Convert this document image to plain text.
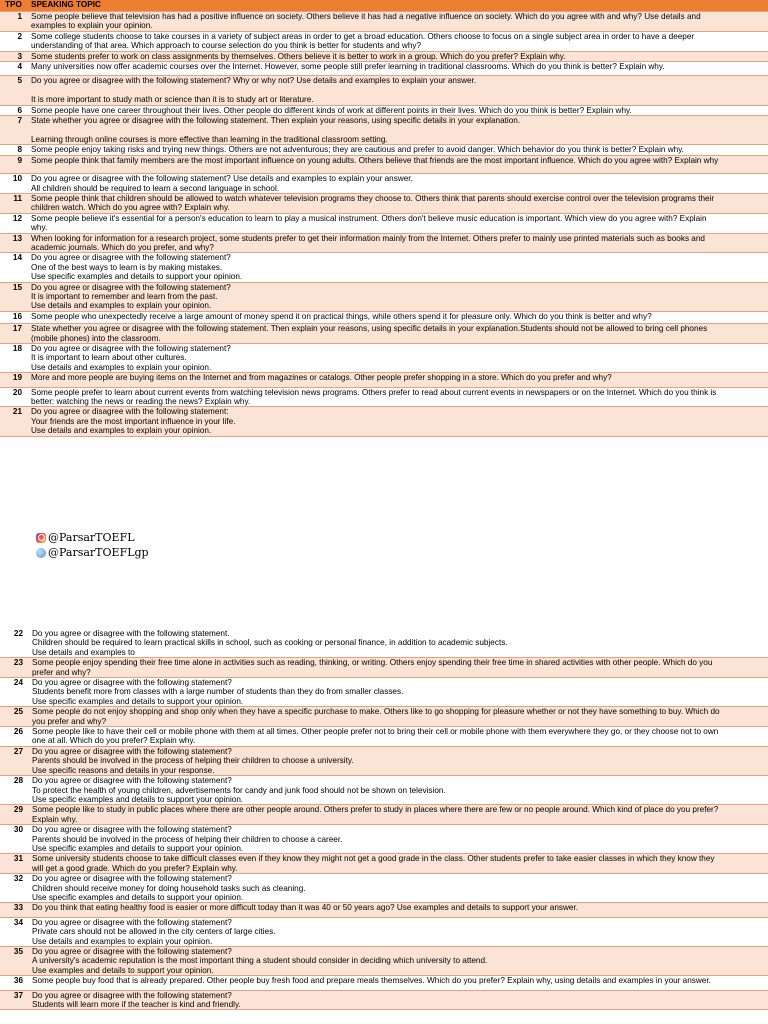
TPO	SPEAKING TOPIC
1	Some people believe that television has had a positive influence on society. Others believe it has had a negative influence on society. Which do you agree with and why? Use details and
examples to explain your opinion.

2	Some college students choose to take courses in a variety of subject areas in order to get a broad education. Others choose to focus on a single subject area in order to have a deeper
understanding of that area. Which approach to course selection do you think is better for students and why?

3	Some students prefer to work on class assignments by themselves. Others believe it is better to work in a group. Which do you prefer? Explain why.

4	Many universities now offer academic courses over the Internet. However, some people still prefer learning in traditional classrooms. Which do you think is better? Explain why.

5	Do you agree or disagree with the following statement? Why or why not? Use details and examples to explain your answer.

It is more important to study math or science than it is to study art or literature.

6	Some people have one career throughout their lives. Other people do different kinds of work at different points in their lives. Which do you think is better? Explain why.

7	State whether you agree or disagree with the following statement. Then explain your reasons, using specific details in your explanation.

Learning through online courses is more effective than learning in the traditional classroom setting.

8	Some people enjoy taking risks and trying new things. Others are not adventurous; they are cautious and prefer to avoid danger. Which behavior do you think is better? Explain why.

9	Some people think that family members are the most important influence on young adults. Others believe that friends are the most important influence. Which do you agree with? Explain why

10	Do you agree or disagree with the following statement? Use details and examples to explain your answer.
All children should be required to learn a second language in school.

11	Some people think that children should be allowed to watch whatever television programs they choose to. Others think that parents should exercise control over the television programs their
children watch. Which do you agree with? Explain why.

12	Some people believe it's essential for a person's education to learn to play a musical instrument. Others don't believe music education is important. Which view do you agree with? Explain
why.

13	When looking for information for a research project, some students prefer to get their information mainly from the Internet. Others prefer to mainly use printed materials such as books and
academic journals. Which do you prefer, and why?

14	Do you agree or disagree with the following statement?
One of the best ways to learn is by making mistakes.
Use specific examples and details to support your opinion.

15	Do you agree or disagree with the following statement?
It is important to remember and learn from the past.
Use details and examples to explain your opinion.

16	Some people who unexpectedly receive a large amount of money spend it on practical things, while others spend it for pleasure only. Which do you think is better and why?

17	State whether you agree or disagree with the following statement. Then explain your reasons, using specific details in your explanation.Students should not be allowed to bring cell phones
(mobile phones) into the classroom.

18	Do you agree or disagree with the following statement?
It is important to learn about other cultures.
Use details and examples to explain your opinion.

19	More and more people are buying items on the Internet and from magazines or catalogs. Other people prefer shopping in a store. Which do you prefer and why?

20	Some people prefer to learn about current events from watching television news programs. Others prefer to read about current events in newspapers or on the Internet. Which do you think is
better: watching the news or reading the news? Explain why.

21	Do you agree or disagree with the following statement:
Your friends are the most important influence in your life.
Use details and examples to explain your opinion.
@ParsarTOEFL
@ParsarTOEFLgp
22	Do you agree or disagree with the following statement.
Children should be required to learn practical skills in school, such as cooking or personal finance, in addition to academic subjects.
Use details and examples to

23	Some people enjoy spending their free time alone in activities such as reading, thinking, or writing. Others enjoy spending their free time in shared activities with other people. Which do you
prefer and why?

24	Do you agree or disagree with the following statement?
Students benefit more from classes with a large number of students than they do from smaller classes.
Use specific examples and details to support your opinion.

25	Some people do not enjoy shopping and shop only when they have a specific purchase to make. Others like to go shopping for pleasure whether or not they have something to buy. Which do
you prefer and why?

26	Some people like to have their cell or mobile phone with them at all times. Other people prefer not to bring their cell or mobile phone with them everywhere they go, or they choose not to own
one at all. Which do you prefer? Explain why.

27	Do you agree or disagree with the following statement?
Parents should be involved in the process of helping their children to choose a university.
Use specific reasons and details in your response.

28	Do you agree or disagree with the following statement?
To protect the health of young children, advertisements for candy and junk food should not be shown on television.
Use specific examples and details to support your opinion.

29	Some people like to study in public places where there are other people around. Others prefer to study in places where there are few or no people around. Which kind of place do you prefer?
Explain why.

30	Do you agree or disagree with the following statement?
Parents should be involved in the process of helping their children to choose a career.
Use specific examples and details to support your opinion.

31	Some university students choose to take difficult classes even if they know they might not get a good grade in the class. Other students prefer to take easier classes in which they know they
will get a good grade. Which do you prefer? Explain why.

32	Do you agree or disagree with the following statement?
Children should receive money for doing household tasks such as cleaning.
Use specific examples and details to support your opinion.

33	Do you think that eating healthy food is easier or more difficult today than it was 40 or 50 years ago? Use examples and details to support your answer.

34	Do you agree or disagree with the following statement?
Private cars should not be allowed in the city centers of large cities.
Use details and examples to explain your opinion.

35	Do you agree or disagree with the following statement?
A university's academic reputation is the most important thing a student should consider in deciding which university to attend.
Use examples and details to support your opinion.

36	Some people buy food that is already prepared. Other people buy fresh food and prepare meals themselves. Which do you prefer? Explain why, using details and examples in your answer.

37	Do you agree or disagree with the following statement?
Students will learn more if the teacher is kind and friendly.
